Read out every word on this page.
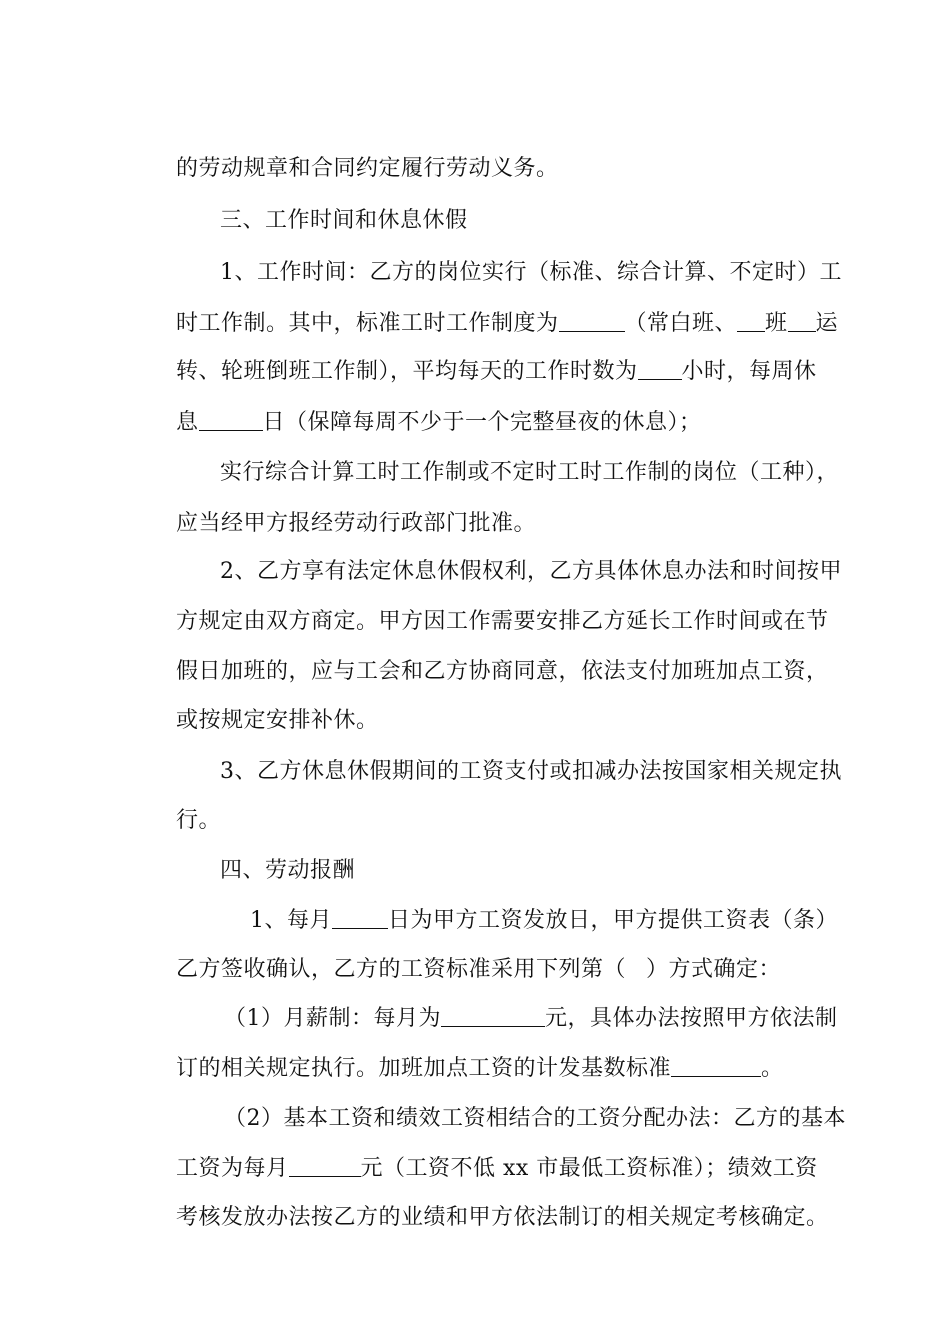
的劳动规章和合同约定履行劳动义务。

三、工作时间和休息休假

1、工作时间：乙方的岗位实行（标准、综合计算、不定时）工

时工作制。其中，标准工时工作制度为	（常白班、 班 运

转、轮班倒班工作制），平均每天的工作时数为 小时，每周休

息	日（保障每周不少于一个完整昼夜的休息）；

实行综合计算工时工作制或不定时工时工作制的岗位（工种），

应当经甲方报经劳动行政部门批准。

2、乙方享有法定休息休假权利，乙方具体休息办法和时间按甲

方规定由双方商定。甲方因工作需要安排乙方延长工作时间或在节

假日加班的，应与工会和乙方协商同意，依法支付加班加点工资，

或按规定安排补休。

3、乙方休息休假期间的工资支付或扣减办法按国家相关规定执

行。

四、劳动报酬

1、每月	日为甲方工资发放日，甲方提供工资表（条）

乙方签收确认，乙方的工资标准采用下列第（ ）方式确定：

（1）月薪制：每月为	元，具体办法按照甲方依法制

订的相关规定执行。加班加点工资的计发基数标准	。

（2）基本工资和绩效工资相结合的工资分配办法：乙方的基本

工资为每月	元（工资不低 xx 市最低工资标准）；绩效工资

考核发放办法按乙方的业绩和甲方依法制订的相关规定考核确定。
